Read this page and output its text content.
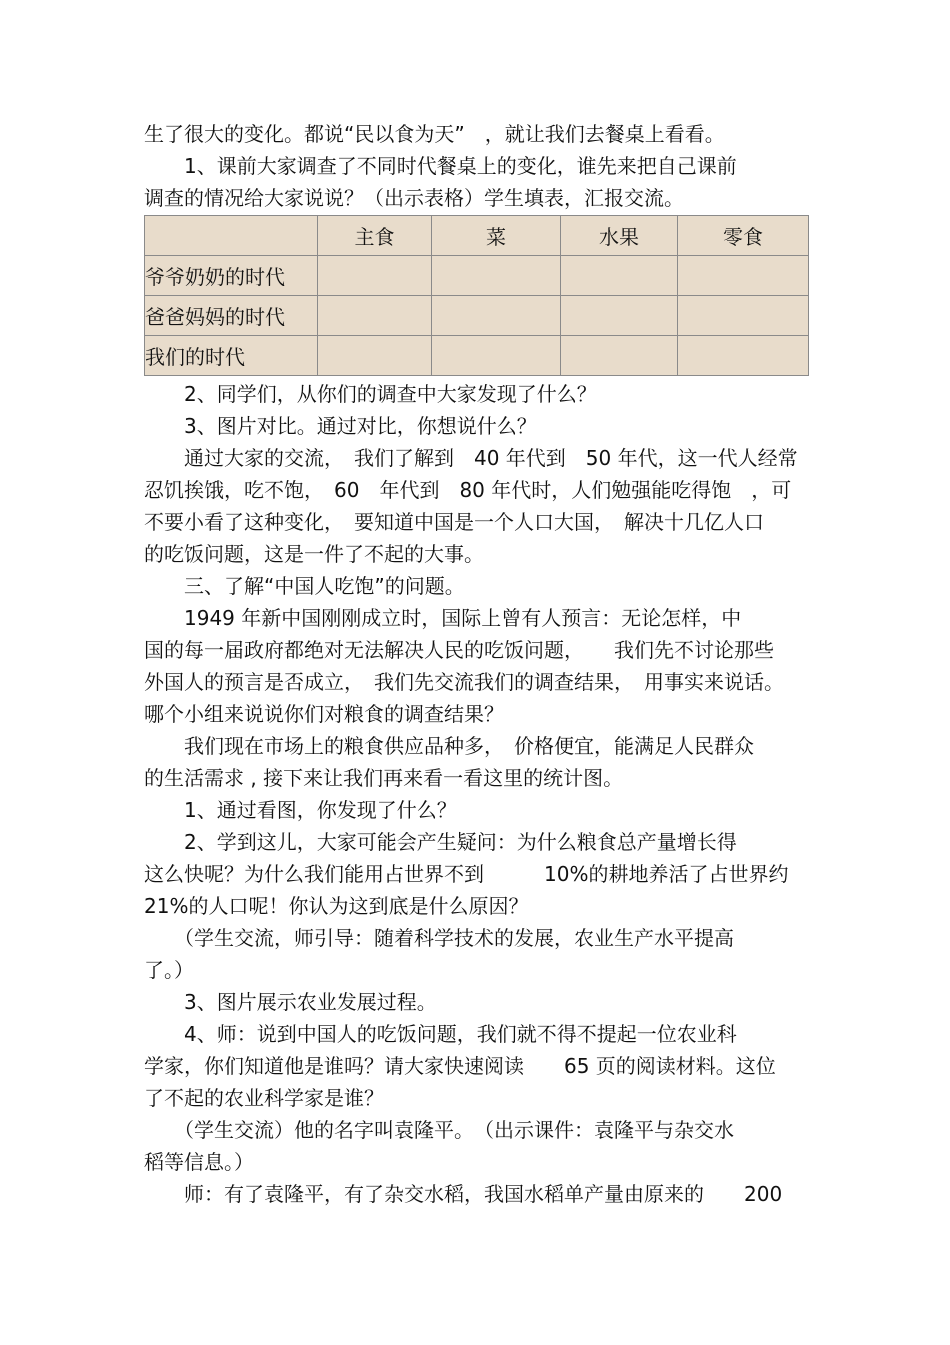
生了很大的变化。都说“民以食为天”　，就让我们去餐桌上看看。
　　1、课前大家调查了不同时代餐桌上的变化，谁先来把自己课前
调查的情况给大家说说？（出示表格）学生填表，汇报交流。
	主食	菜	水果	零食
爷爷奶奶的时代				
爸爸妈妈的时代				
我们的时代				
　　2、同学们，从你们的调查中大家发现了什么？
　　3、图片对比。通过对比，你想说什么？
　　通过大家的交流，　我们了解到　40 年代到　50 年代，这一代人经常
忍饥挨饿，吃不饱，　60　年代到　80 年代时，人们勉强能吃得饱　，可
不要小看了这种变化，　要知道中国是一个人口大国，　解决十几亿人口
的吃饭问题，这是一件了不起的大事。
　　三、了解“中国人吃饱”的问题。
　　1949 年新中国刚刚成立时，国际上曾有人预言：无论怎样，中
国的每一届政府都绝对无法解决人民的吃饭问题，　　我们先不讨论那些
外国人的预言是否成立，　我们先交流我们的调查结果，　用事实来说话。
哪个小组来说说你们对粮食的调查结果？
　　我们现在市场上的粮食供应品种多，　价格便宜，能满足人民群众
的生活需求 , 接下来让我们再来看一看这里的统计图。
　　1、通过看图，你发现了什么？
　　2、学到这儿，大家可能会产生疑问：为什么粮食总产量增长得
这么快呢？为什么我们能用占世界不到　　　10%的耕地养活了占世界约
21%的人口呢！你认为这到底是什么原因？
　　（学生交流，师引导：随着科学技术的发展，农业生产水平提高
了。）
　　3、图片展示农业发展过程。
　　4、师：说到中国人的吃饭问题，我们就不得不提起一位农业科
学家，你们知道他是谁吗？请大家快速阅读　　65 页的阅读材料。这位
了不起的农业科学家是谁？
　　（学生交流）他的名字叫袁隆平。　（出示课件：袁隆平与杂交水
稻等信息。）
　　师：有了袁隆平，有了杂交水稻，我国水稻单产量由原来的　　200
